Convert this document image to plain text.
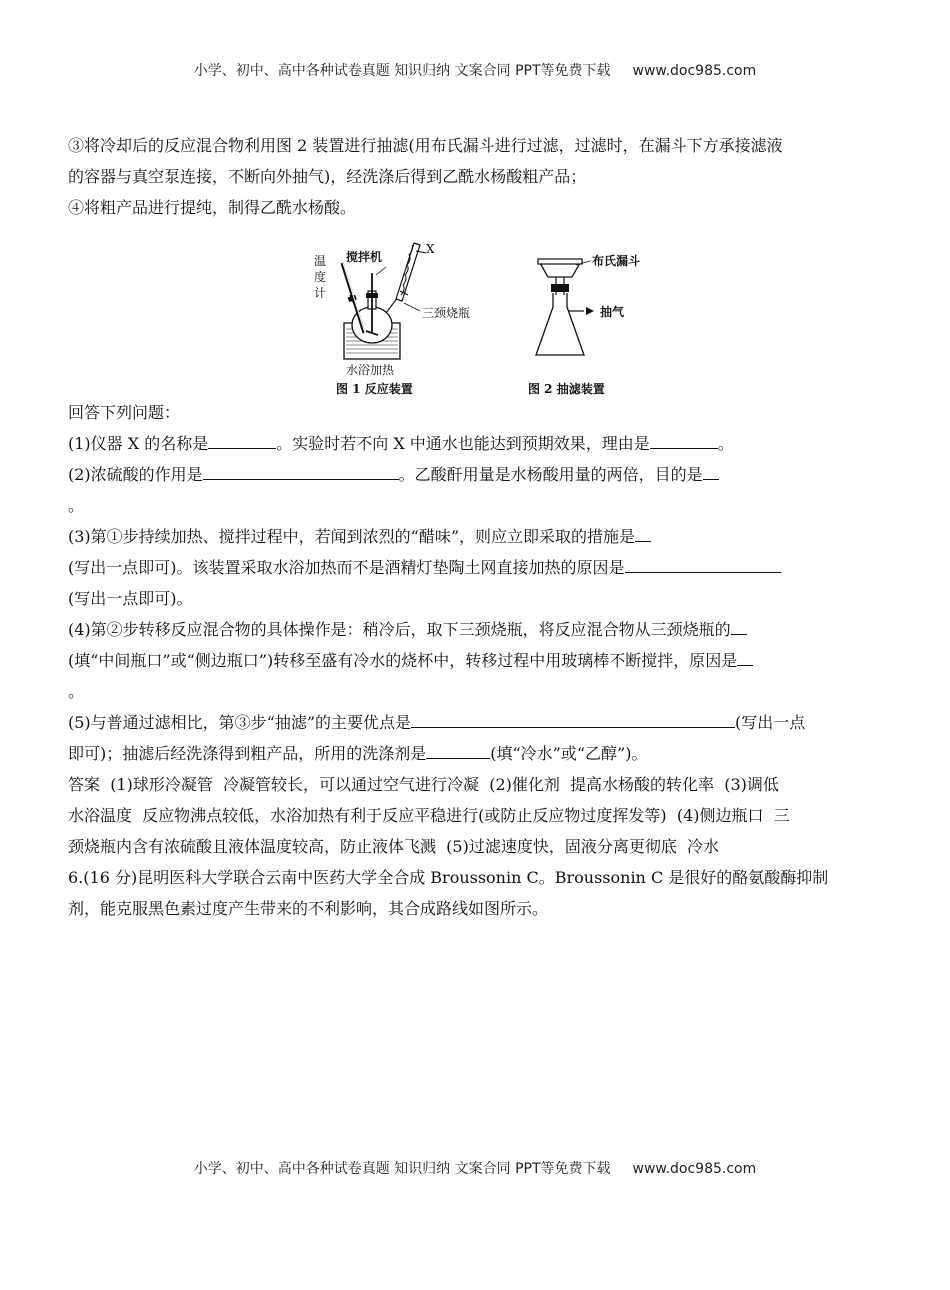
小学、初中、高中各种试卷真题 知识归纳 文案合同 PPT等免费下载 www.doc985.com

③将冷却后的反应混合物利用图 2 装置进行抽滤(用布氏漏斗进行过滤，过滤时，在漏斗下方承接滤液

的容器与真空泵连接，不断向外抽气)，经洗涤后得到乙酰水杨酸粗产品；

④将粗产品进行提纯，制得乙酰水杨酸。

温
度
计
搅拌机
X
三颈烧瓶
水浴加热
图 1 反应装置
布氏漏斗
抽气
图 2 抽滤装置

回答下列问题：

(1)仪器 X 的名称是	。实验时若不向 X 中通水也能达到预期效果，理由是	。

(2)浓硫酸的作用是	。乙酸酐用量是水杨酸用量的两倍，目的是

。

(3)第①步持续加热、搅拌过程中，若闻到浓烈的“醋味”，则应立即采取的措施是

(写出一点即可)。该装置采取水浴加热而不是酒精灯垫陶土网直接加热的原因是

(写出一点即可)。

(4)第②步转移反应混合物的具体操作是：稍冷后，取下三颈烧瓶，将反应混合物从三颈烧瓶的

(填“中间瓶口”或“侧边瓶口”)转移至盛有冷水的烧杯中，转移过程中用玻璃棒不断搅拌，原因是

。

(5)与普通过滤相比，第③步“抽滤”的主要优点是	(写出一点

即可)；抽滤后经洗涤得到粗产品，所用的洗涤剂是	(填“冷水”或“乙醇”)。

答案  (1)球形冷凝管  冷凝管较长，可以通过空气进行冷凝  (2)催化剂  提高水杨酸的转化率  (3)调低

水浴温度  反应物沸点较低，水浴加热有利于反应平稳进行(或防止反应物过度挥发等)  (4)侧边瓶口  三

颈烧瓶内含有浓硫酸且液体温度较高，防止液体飞溅  (5)过滤速度快，固液分离更彻底  冷水

6.(16 分)昆明医科大学联合云南中医药大学全合成 Broussonin C。Broussonin C 是很好的酪氨酸酶抑制

剂，能克服黑色素过度产生带来的不利影响，其合成路线如图所示。

小学、初中、高中各种试卷真题 知识归纳 文案合同 PPT等免费下载 www.doc985.com
